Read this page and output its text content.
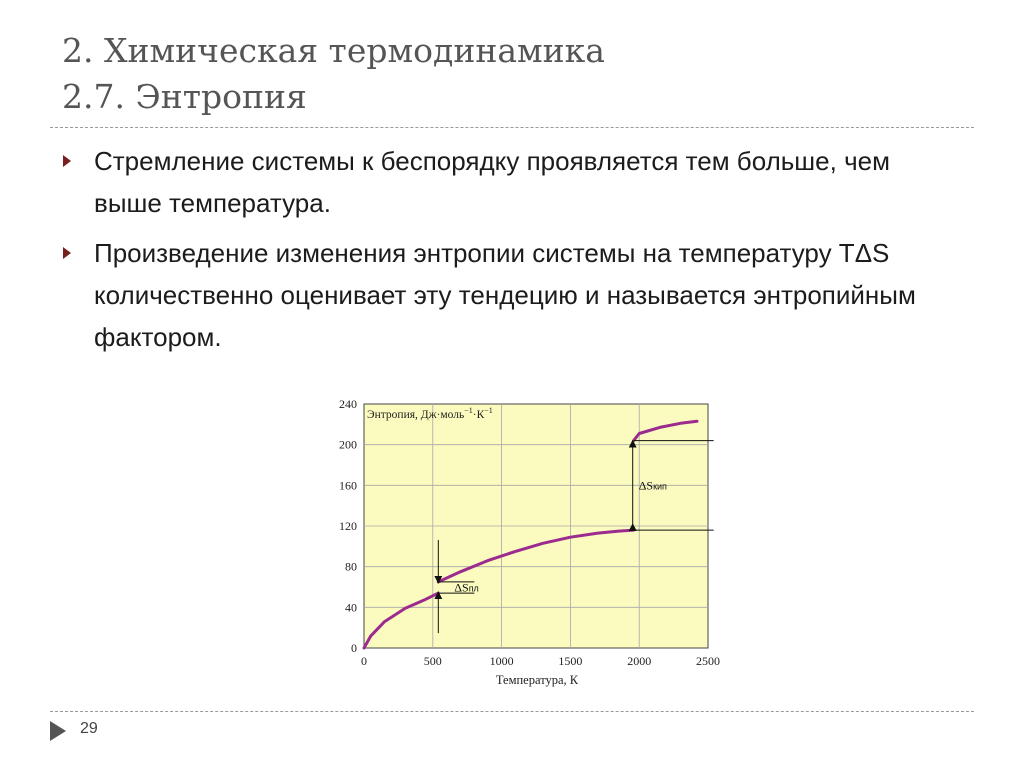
2. Химическая термодинамика
2.7. Энтропия
Стремление системы к беспорядку проявляется тем больше, чем выше температура.
Произведение изменения энтропии системы на температуру TΔS количественно оценивает эту тендецию и называется энтропийным фактором.
0
40
80
120
160
200
240
0	500	1000	1500	2000	2500
ΔSпл
ΔSкип
Энтропия, $Дж\cdot моль^{-1}\cdot К^{-1}$
Температура, К
29
